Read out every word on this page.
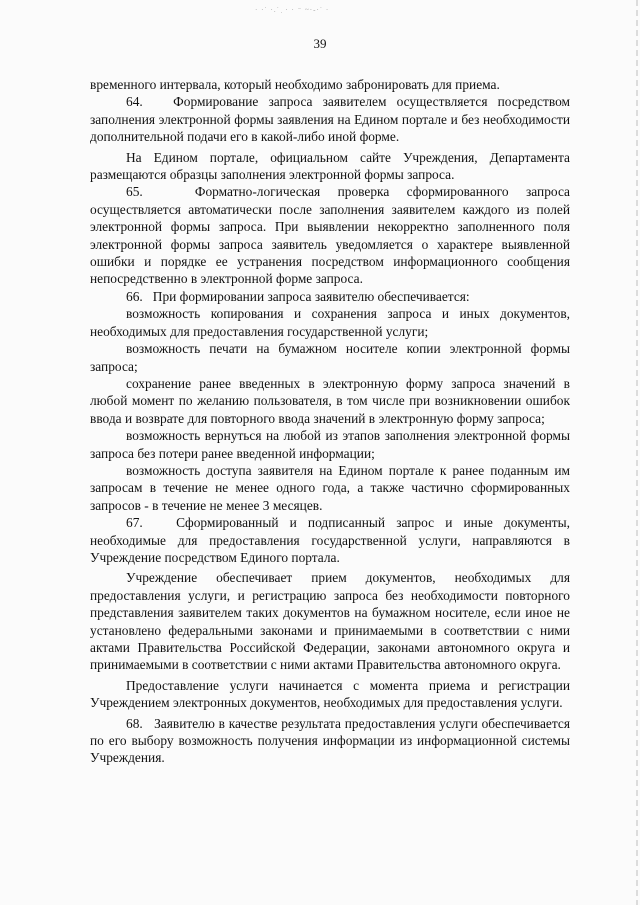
· ·˙ ·.˙ ̣ · · ⁻ ~·-·˙ ·
39

временного интервала, который необходимо забронировать для приема.

64.   Формирование запроса заявителем осуществляется посредством заполнения электронной формы заявления на Едином портале и без необходимости дополнительной подачи его в какой-либо иной форме.

На Едином портале, официальном сайте Учреждения, Департамента размещаются образцы заполнения электронной формы запроса.

65.   Форматно-логическая проверка сформированного запроса осуществляется автоматически после заполнения заявителем каждого из полей электронной формы запроса. При выявлении некорректно заполненного поля электронной формы запроса заявитель уведомляется о характере выявленной ошибки и порядке ее устранения посредством информационного сообщения непосредственно в электронной форме запроса.

66.   При формировании запроса заявителю обеспечивается:

возможность копирования и сохранения запроса и иных документов, необходимых для предоставления государственной услуги;

возможность печати на бумажном носителе копии электронной формы запроса;

сохранение ранее введенных в электронную форму запроса значений в любой момент по желанию пользователя, в том числе при возникновении ошибок ввода и возврате для повторного ввода значений в электронную форму запроса;

возможность вернуться на любой из этапов заполнения электронной формы запроса без потери ранее введенной информации;

возможность доступа заявителя на Едином портале к ранее поданным им запросам в течение не менее одного года, а также частично сформированных запросов - в течение не менее 3 месяцев.

67.   Сформированный и подписанный запрос и иные документы, необходимые для предоставления государственной услуги, направляются в Учреждение посредством Единого портала.

Учреждение обеспечивает прием документов, необходимых для предоставления услуги, и регистрацию запроса без необходимости повторного представления заявителем таких документов на бумажном носителе, если иное не установлено федеральными законами и принимаемыми в соответствии с ними актами Правительства Российской Федерации, законами автономного округа и принимаемыми в соответствии с ними актами Правительства автономного округа.

Предоставление услуги начинается с момента приема и регистрации Учреждением электронных документов, необходимых для предоставления услуги.

68.   Заявителю в качестве результата предоставления услуги обеспечивается по его выбору возможность получения информации из информационной системы Учреждения.
